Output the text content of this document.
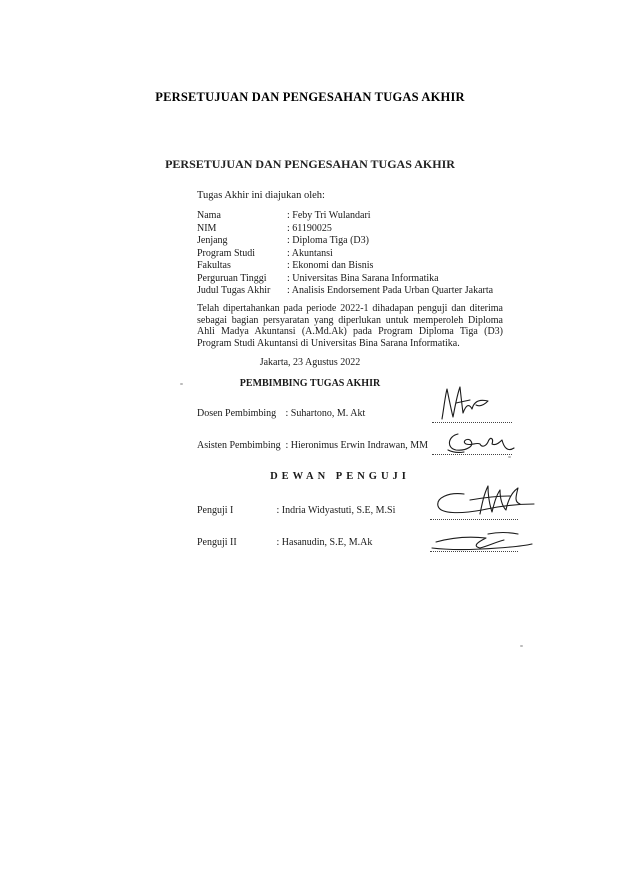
PERSETUJUAN DAN PENGESAHAN TUGAS AKHIR
PERSETUJUAN DAN PENGESAHAN TUGAS AKHIR
Tugas Akhir ini diajukan oleh:
Nama	: Feby Tri Wulandari
NIM	: 61190025
Jenjang	: Diploma Tiga (D3)
Program Studi	: Akuntansi
Fakultas	: Ekonomi dan Bisnis
Perguruan Tinggi	: Universitas Bina Sarana Informatika
Judul Tugas Akhir	: Analisis Endorsement Pada Urban Quarter Jakarta
Telah dipertahankan pada periode 2022-1 dihadapan penguji dan diterima sebagai bagian persyaratan yang diperlukan untuk memperoleh Diploma Ahli Madya Akuntansi (A.Md.Ak) pada Program Diploma Tiga (D3) Program Studi Akuntansi di Universitas Bina Sarana Informatika.
Jakarta, 23 Agustus 2022
PEMBIMBING TUGAS AKHIR
Dosen Pembimbing : Suhartono, M. Akt
Asisten Pembimbing : Hieronimus Erwin Indrawan, MM
DEWAN PENGUJI
Penguji I	: Indria Widyastuti, S.E, M.Si
Penguji II	: Hasanudin, S.E, M.Ak
